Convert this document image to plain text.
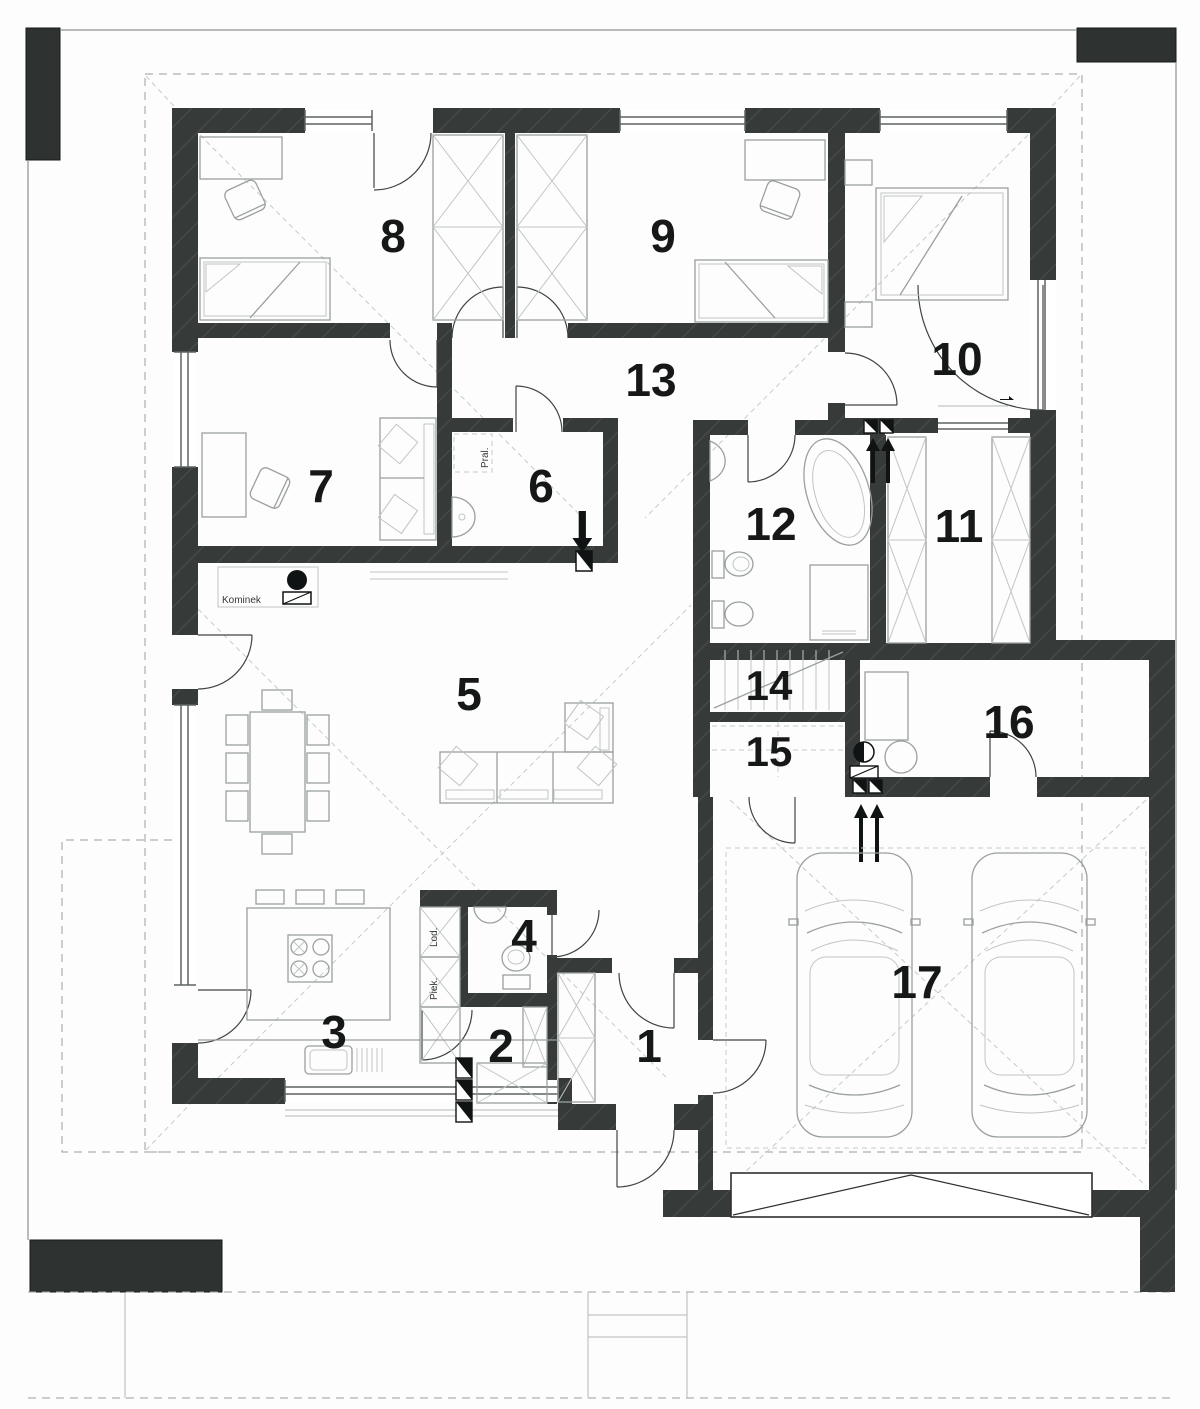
1
2
3
4
5
6
7
8	9
10
11
12
13
14
15
16
17
Kominek
Pral.
Lod.
Piek.
